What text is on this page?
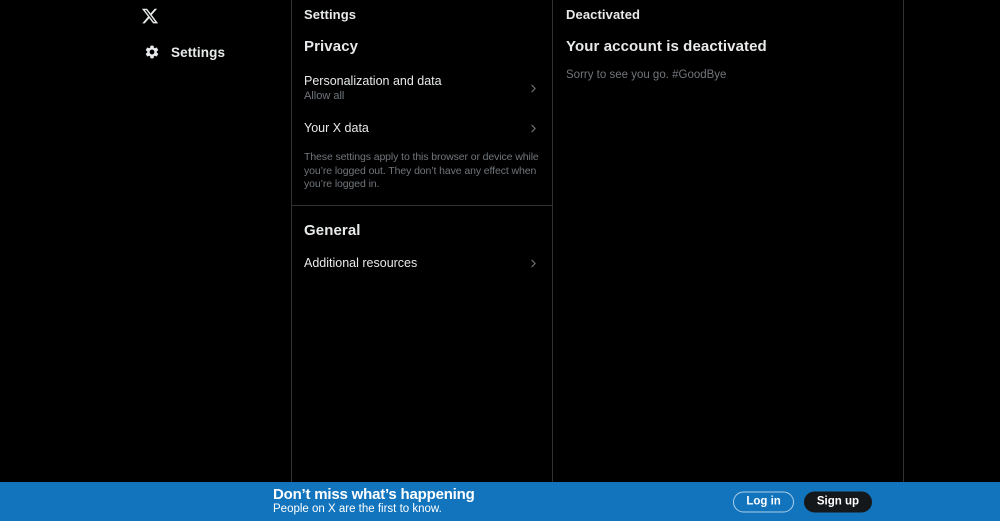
Settings
Settings
Privacy
Personalization and data
Allow all
Your X data

These settings apply to this browser or device while you’re logged out. They don’t have any effect when you’re logged in.

General
Additional resources
Deactivated
Your account is deactivated

Sorry to see you go. #GoodBye

Don’t miss what’s happening
People on X are the first to know.
Log in	Sign up
